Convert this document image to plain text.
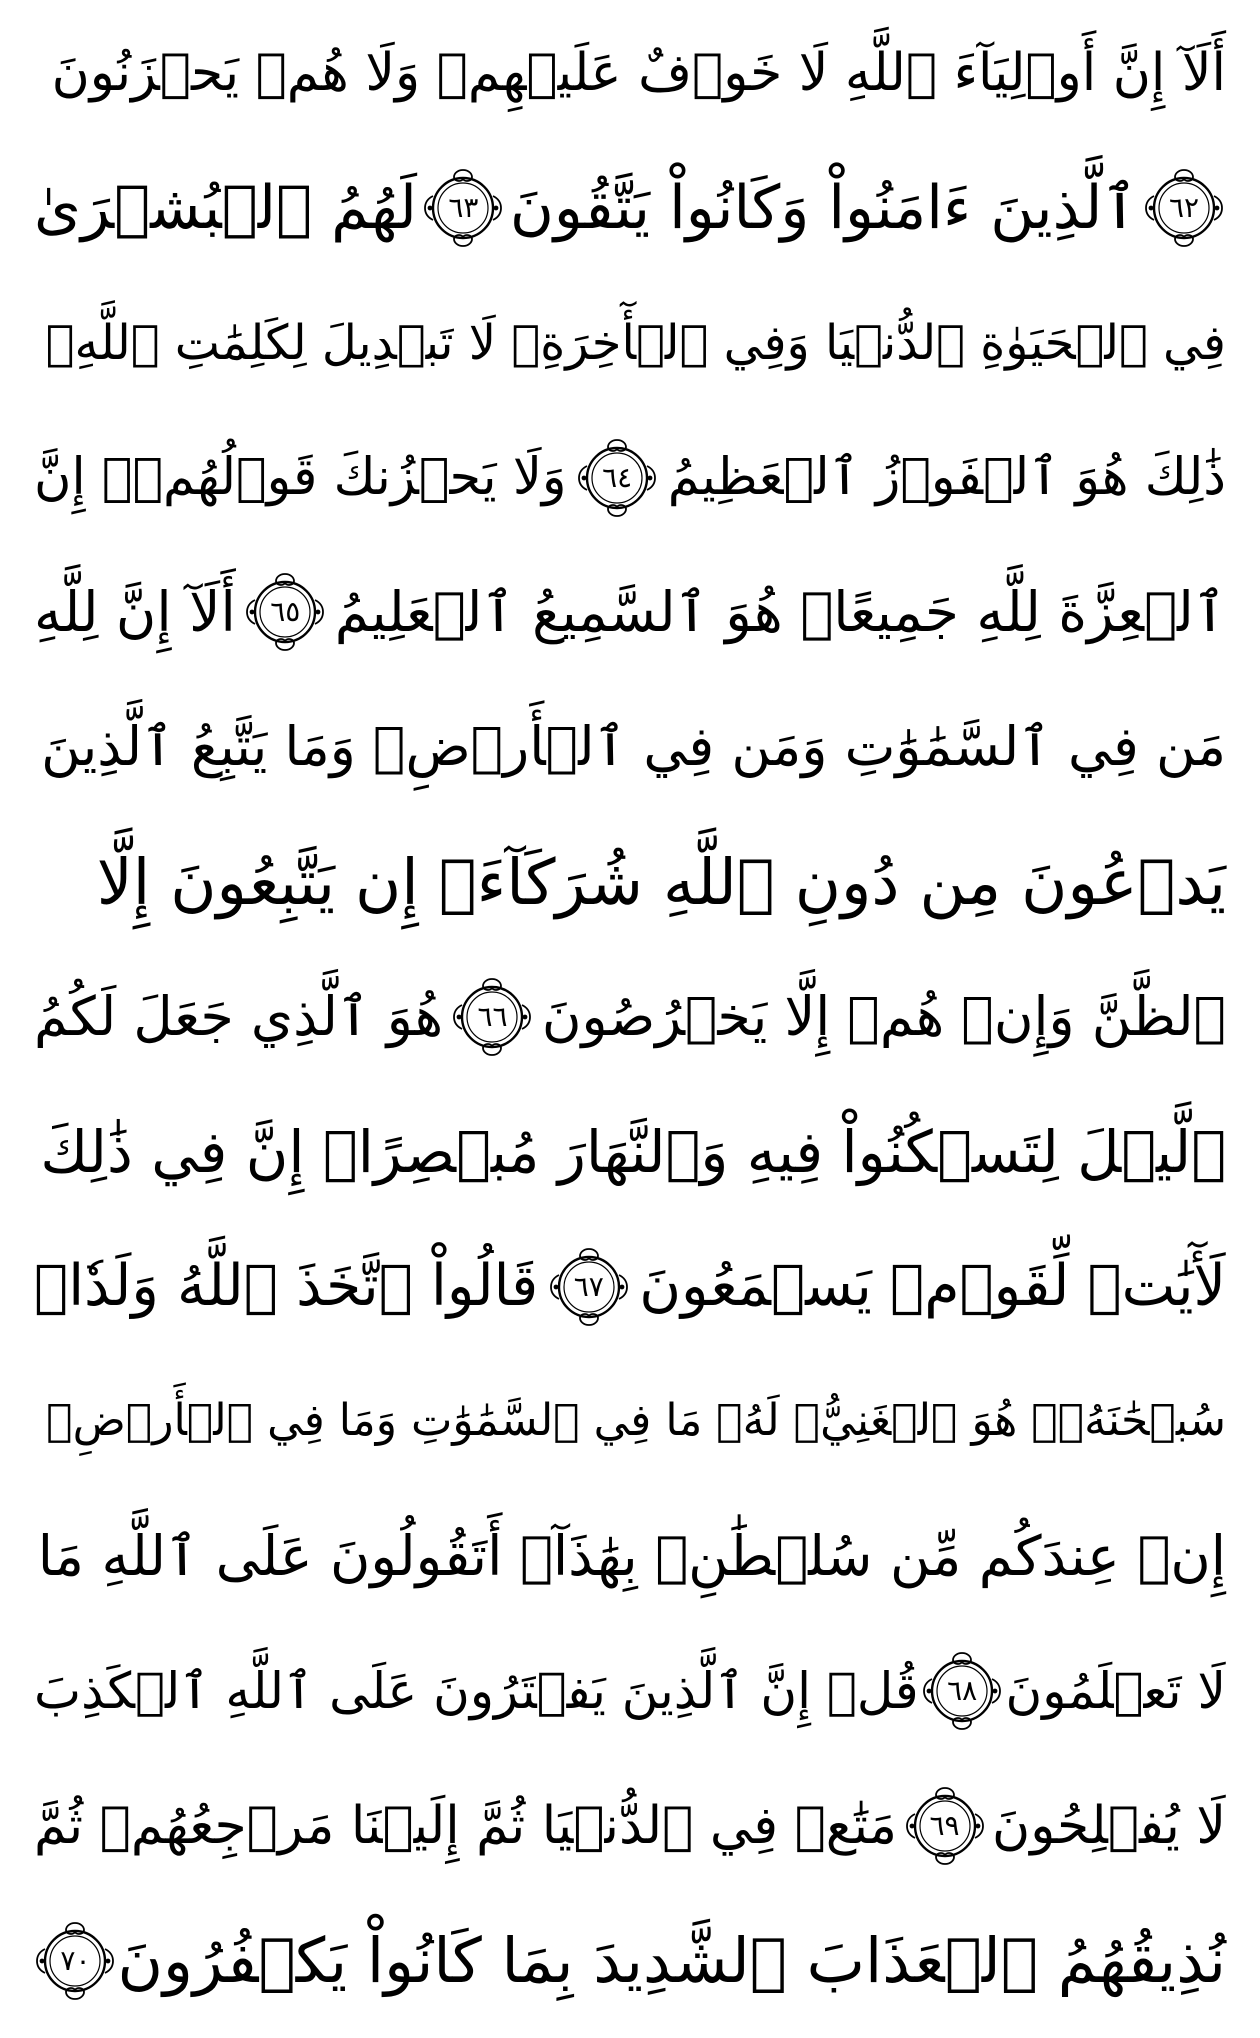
أَلَآ إِنَّ أَوۡلِيَآءَ ٱللَّهِ لَا خَوۡفٌ عَلَيۡهِمۡ وَلَا هُمۡ يَحۡزَنُونَ
٦٢
ٱلَّذِينَ ءَامَنُواْ وَكَانُواْ يَتَّقُونَ
٦٣
لَهُمُ ٱلۡبُشۡرَىٰ
فِي ٱلۡحَيَوٰةِ ٱلدُّنۡيَا وَفِي ٱلۡأٓخِرَةِۚ لَا تَبۡدِيلَ لِكَلِمَٰتِ ٱللَّهِۚ
ذَٰلِكَ هُوَ ٱلۡفَوۡزُ ٱلۡعَظِيمُ
٦٤
وَلَا يَحۡزُنكَ قَوۡلُهُمۡۘ إِنَّ
ٱلۡعِزَّةَ لِلَّهِ جَمِيعًاۚ هُوَ ٱلسَّمِيعُ ٱلۡعَلِيمُ
٦٥
أَلَآ إِنَّ لِلَّهِ
مَن فِي ٱلسَّمَٰوَٰتِ وَمَن فِي ٱلۡأَرۡضِۗ وَمَا يَتَّبِعُ ٱلَّذِينَ
يَدۡعُونَ مِن دُونِ ٱللَّهِ شُرَكَآءَۚ إِن يَتَّبِعُونَ إِلَّا
ٱلظَّنَّ وَإِنۡ هُمۡ إِلَّا يَخۡرُصُونَ
٦٦
هُوَ ٱلَّذِي جَعَلَ لَكُمُ
ٱلَّيۡلَ لِتَسۡكُنُواْ فِيهِ وَٱلنَّهَارَ مُبۡصِرًاۚ إِنَّ فِي ذَٰلِكَ
لَأٓيَٰتٖ لِّقَوۡمٖ يَسۡمَعُونَ
٦٧
قَالُواْ ٱتَّخَذَ ٱللَّهُ وَلَدٗاۗ
سُبۡحَٰنَهُۥۖ هُوَ ٱلۡغَنِيُّۖ لَهُۥ مَا فِي ٱلسَّمَٰوَٰتِ وَمَا فِي ٱلۡأَرۡضِۚ
إِنۡ عِندَكُم مِّن سُلۡطَٰنِۭ بِهَٰذَآۚ أَتَقُولُونَ عَلَى ٱللَّهِ مَا
لَا تَعۡلَمُونَ
٦٨
قُلۡ إِنَّ ٱلَّذِينَ يَفۡتَرُونَ عَلَى ٱللَّهِ ٱلۡكَذِبَ
لَا يُفۡلِحُونَ
٦٩
مَتَٰعٞ فِي ٱلدُّنۡيَا ثُمَّ إِلَيۡنَا مَرۡجِعُهُمۡ ثُمَّ
نُذِيقُهُمُ ٱلۡعَذَابَ ٱلشَّدِيدَ بِمَا كَانُواْ يَكۡفُرُونَ
٧٠
